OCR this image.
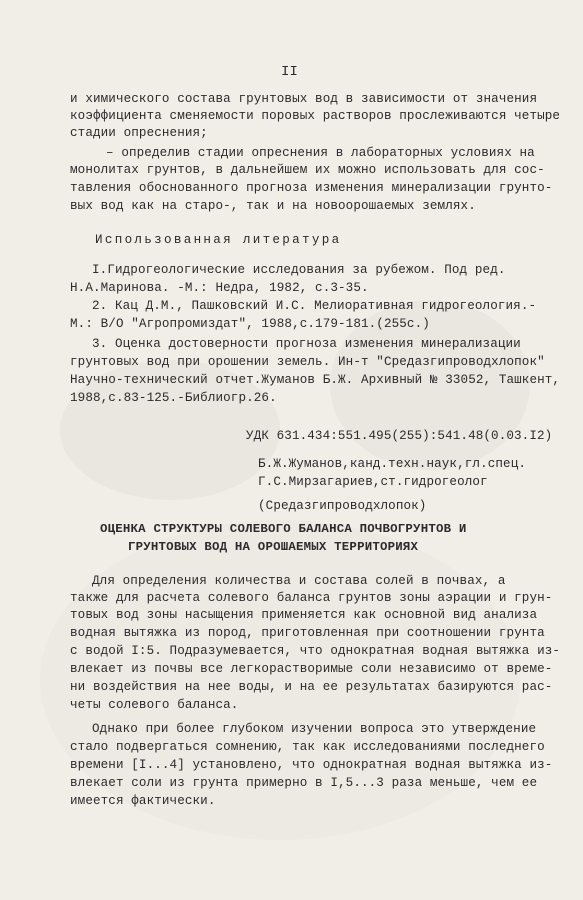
II
и химического состава грунтовых вод в зависимости от значения
коэффициента сменяемости поровых растворов прослеживаются четыре
стадии опреснения;
– определив стадии опреснения в лабораторных условиях на
монолитах грунтов, в дальнейшем их можно использовать для сос-
тавления обоснованного прогноза изменения минерализации грунто-
вых вод как на старо-, так и на новоорошаемых землях.
Использованная литература
I.Гидрогеологические исследования за рубежом. Под ред.
Н.А.Маринова. -М.: Недра, 1982, с.3-35.
2. Кац Д.М., Пашковский И.С. Мелиоративная гидрогеология.-
М.: В/О "Агропромиздат", 1988,с.179-181.(255с.)
3. Оценка достоверности прогноза изменения минерализации
грунтовых вод при орошении земель. Ин-т "Средазгипроводхлопок"
Научно-технический отчет.Жуманов Б.Ж. Архивный № 33052, Ташкент,
1988,с.83-125.-Библиогр.26.
УДК 631.434:551.495(255):541.48(0.03.I2)
Б.Ж.Жуманов,канд.техн.наук,гл.спец.
Г.С.Мирзагариев,ст.гидрогеолог
(Средазгипроводхлопок)
ОЦЕНКА СТРУКТУРЫ СОЛЕВОГО БАЛАНСА ПОЧВОГРУНТОВ И
ГРУНТОВЫХ ВОД НА ОРОШАЕМЫХ ТЕРРИТОРИЯХ
Для определения количества и состава солей в почвах, а
также для расчета солевого баланса грунтов зоны аэрации и грун-
товых вод зоны насыщения применяется как основной вид анализа
водная вытяжка из пород, приготовленная при соотношении грунта
с водой I:5. Подразумевается, что однократная водная вытяжка из-
влекает из почвы все легкорастворимые соли независимо от време-
ни воздействия на нее воды, и на ее результатах базируются рас-
четы солевого баланса.
Однако при более глубоком изучении вопроса это утверждение
стало подвергаться сомнению, так как исследованиями последнего
времени [I...4] установлено, что однократная водная вытяжка из-
влекает соли из грунта примерно в I,5...3 раза меньше, чем ее
имеется фактически.
